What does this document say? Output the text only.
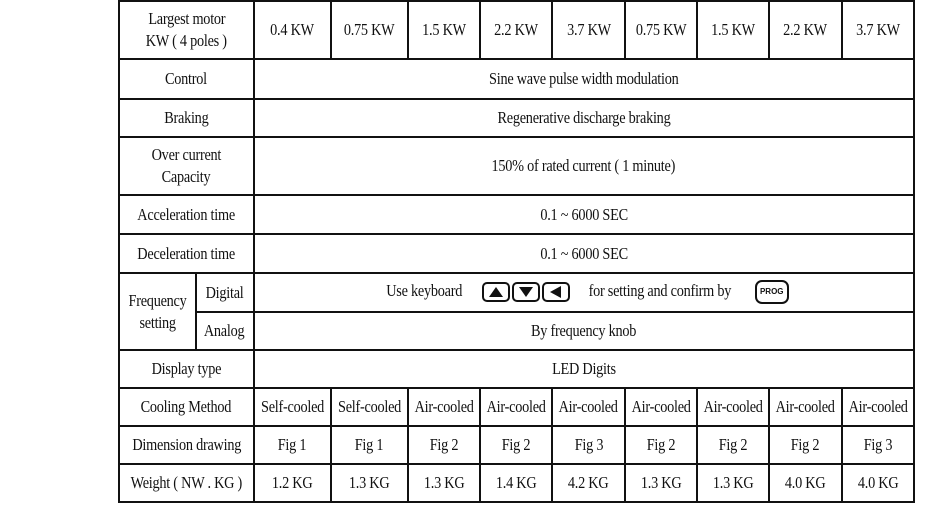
Largest motor
KW ( 4 poles )		0.4 KW	0.75 KW	1.5 KW	2.2 KW	3.7 KW	0.75 KW	1.5 KW	2.2 KW	3.7 KW
Control		Sine wave pulse width modulation								
Braking		Regenerative discharge braking								
Over current
Capacity		150% of rated current ( 1 minute)								
Acceleration time		0.1 ~ 6000 SEC								
Deceleration time		0.1 ~ 6000 SEC								
Frequency
setting	Digital	Use keyboard for setting and confirm by PROG								
	Analog	By frequency knob								
Display type		LED Digits								
Cooling Method		Self-cooled	Self-cooled	Air-cooled	Air-cooled	Air-cooled	Air-cooled	Air-cooled	Air-cooled	Air-cooled
Dimension drawing		Fig 1	Fig 1	Fig 2	Fig 2	Fig 3	Fig 2	Fig 2	Fig 2	Fig 3
Weight ( NW . KG )		1.2 KG	1.3 KG	1.3 KG	1.4 KG	4.2 KG	1.3 KG	1.3 KG	4.0 KG	4.0 KG
